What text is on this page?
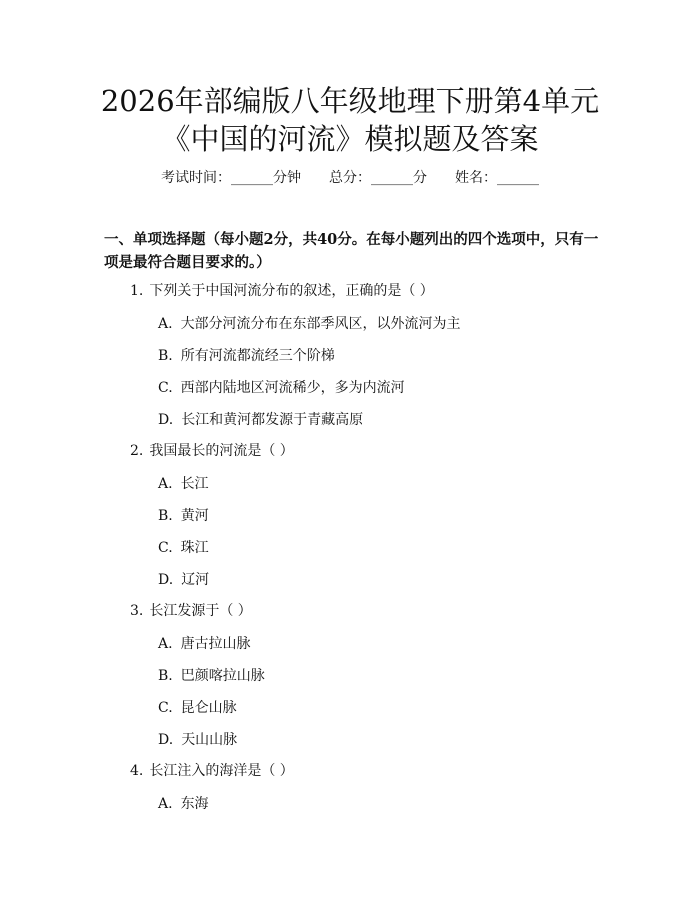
2026年部编版八年级地理下册第4单元《中国的河流》模拟题及答案
考试时间：______分钟 总分：______分 姓名：______

一、单项选择题（每小题2分，共40分。在每小题列出的四个选项中，只有一项是最符合题目要求的。）

1. 下列关于中国河流分布的叙述，正确的是（ ）
A. 大部分河流分布在东部季风区，以外流河为主
B. 所有河流都流经三个阶梯
C. 西部内陆地区河流稀少，多为内流河
D. 长江和黄河都发源于青藏高原
2. 我国最长的河流是（ ）
A. 长江
B. 黄河
C. 珠江
D. 辽河
3. 长江发源于（ ）
A. 唐古拉山脉
B. 巴颜喀拉山脉
C. 昆仑山脉
D. 天山山脉
4. 长江注入的海洋是（ ）
A. 东海
